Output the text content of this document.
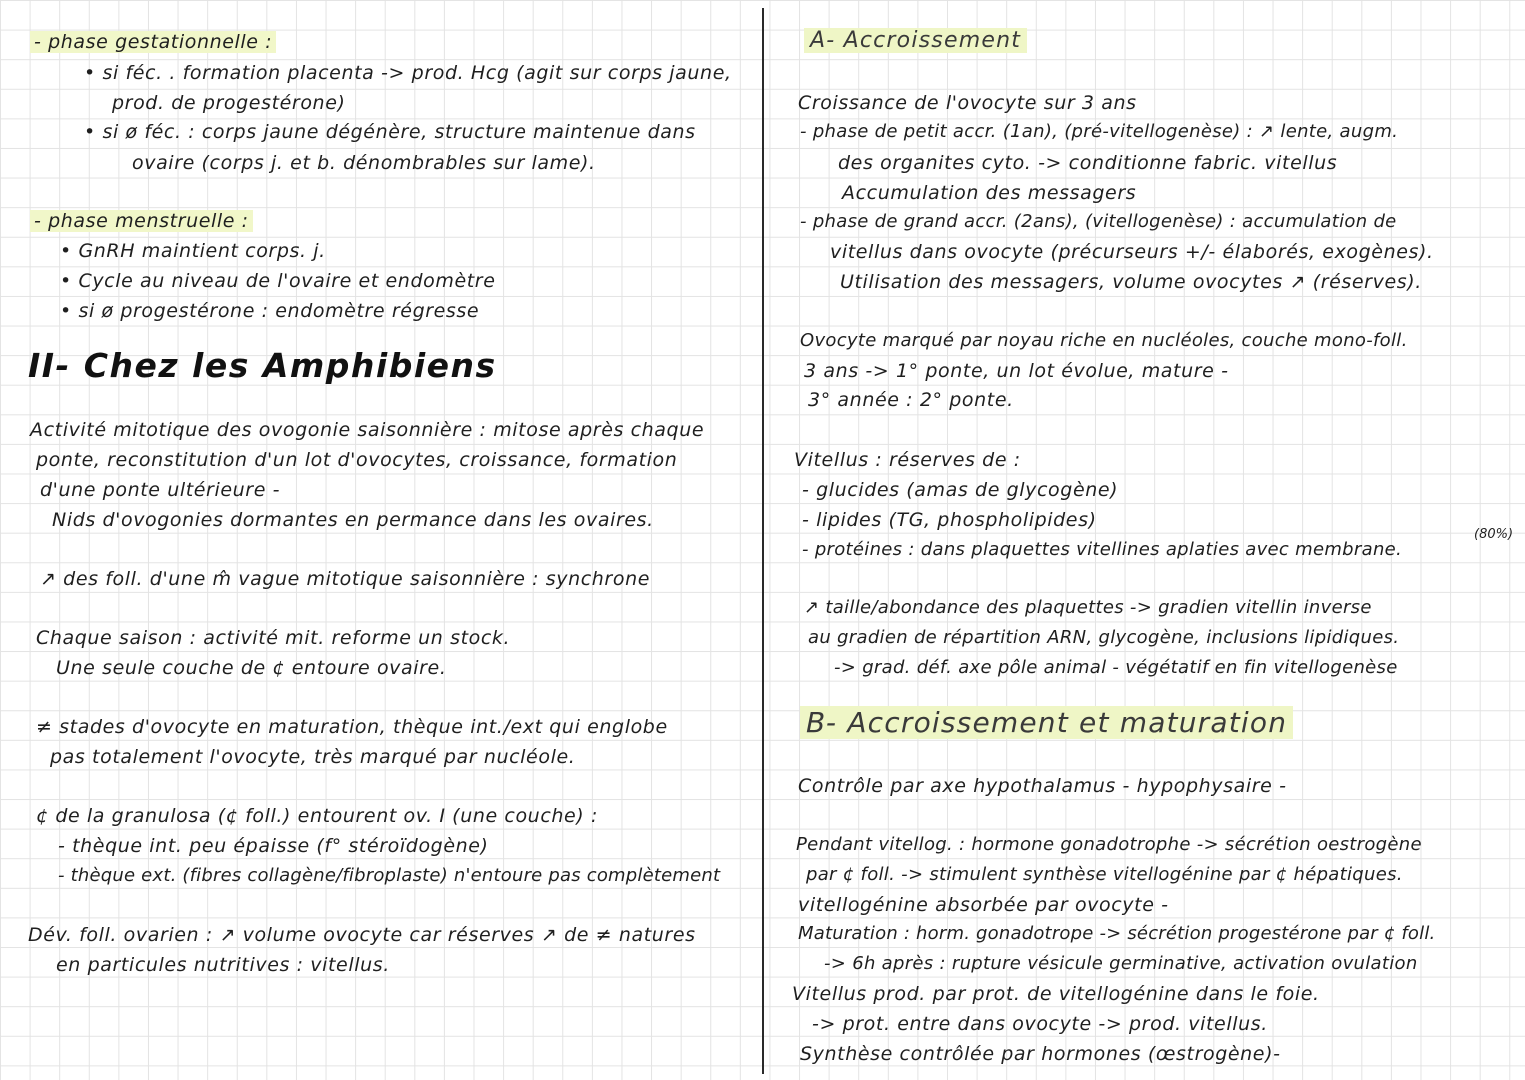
- phase gestationnelle :
• si féc. . formation placenta -> prod. Hcg (agit sur corps jaune,
prod. de progestérone)
• si ø féc. : corps jaune dégénère, structure maintenue dans
ovaire (corps j. et b. dénombrables sur lame).
- phase menstruelle :
• GnRH maintient corps. j.
• Cycle au niveau de l'ovaire et endomètre
• si ø progestérone : endomètre régresse
II- Chez les Amphibiens
Activité mitotique des ovogonie saisonnière : mitose après chaque
ponte, reconstitution d'un lot d'ovocytes, croissance, formation
d'une ponte ultérieure -
Nids d'ovogonies dormantes en permance dans les ovaires.
↗ des foll. d'une m̂ vague mitotique saisonnière : synchrone
Chaque saison : activité mit. reforme un stock.
Une seule couche de ¢ entoure ovaire.
≠ stades d'ovocyte en maturation, thèque int./ext qui englobe
pas totalement l'ovocyte, très marqué par nucléole.
¢ de la granulosa (¢ foll.) entourent ov. I (une couche) :
- thèque int. peu épaisse (f° stéroïdogène)
- thèque ext. (fibres collagène/fibroplaste) n'entoure pas complètement
Dév. foll. ovarien : ↗ volume ovocyte car réserves ↗ de ≠ natures
en particules nutritives : vitellus.
A- Accroissement
Croissance de l'ovocyte sur 3 ans
- phase de petit accr. (1an), (pré-vitellogenèse) : ↗ lente, augm.
des organites cyto. -> conditionne fabric. vitellus
Accumulation des messagers
- phase de grand accr. (2ans), (vitellogenèse) : accumulation de
vitellus dans ovocyte (précurseurs +/- élaborés, exogènes).
Utilisation des messagers, volume ovocytes ↗ (réserves).
Ovocyte marqué par noyau riche en nucléoles, couche mono-foll.
3 ans -> 1° ponte, un lot évolue, mature -
3° année : 2° ponte.
Vitellus : réserves de :
- glucides (amas de glycogène)
- lipides (TG, phospholipides)
- protéines : dans plaquettes vitellines aplaties avec membrane.
(80%)
↗ taille/abondance des plaquettes -> gradien vitellin inverse
au gradien de répartition ARN, glycogène, inclusions lipidiques.
-> grad. déf. axe pôle animal - végétatif en fin vitellogenèse
B- Accroissement et maturation
Contrôle par axe hypothalamus - hypophysaire -
Pendant vitellog. : hormone gonadotrophe -> sécrétion oestrogène
par ¢ foll. -> stimulent synthèse vitellogénine par ¢ hépatiques.
vitellogénine absorbée par ovocyte -
Maturation : horm. gonadotrope -> sécrétion progestérone par ¢ foll.
-> 6h après : rupture vésicule germinative, activation ovulation
Vitellus prod. par prot. de vitellogénine dans le foie.
-> prot. entre dans ovocyte -> prod. vitellus.
Synthèse contrôlée par hormones (œstrogène)-
